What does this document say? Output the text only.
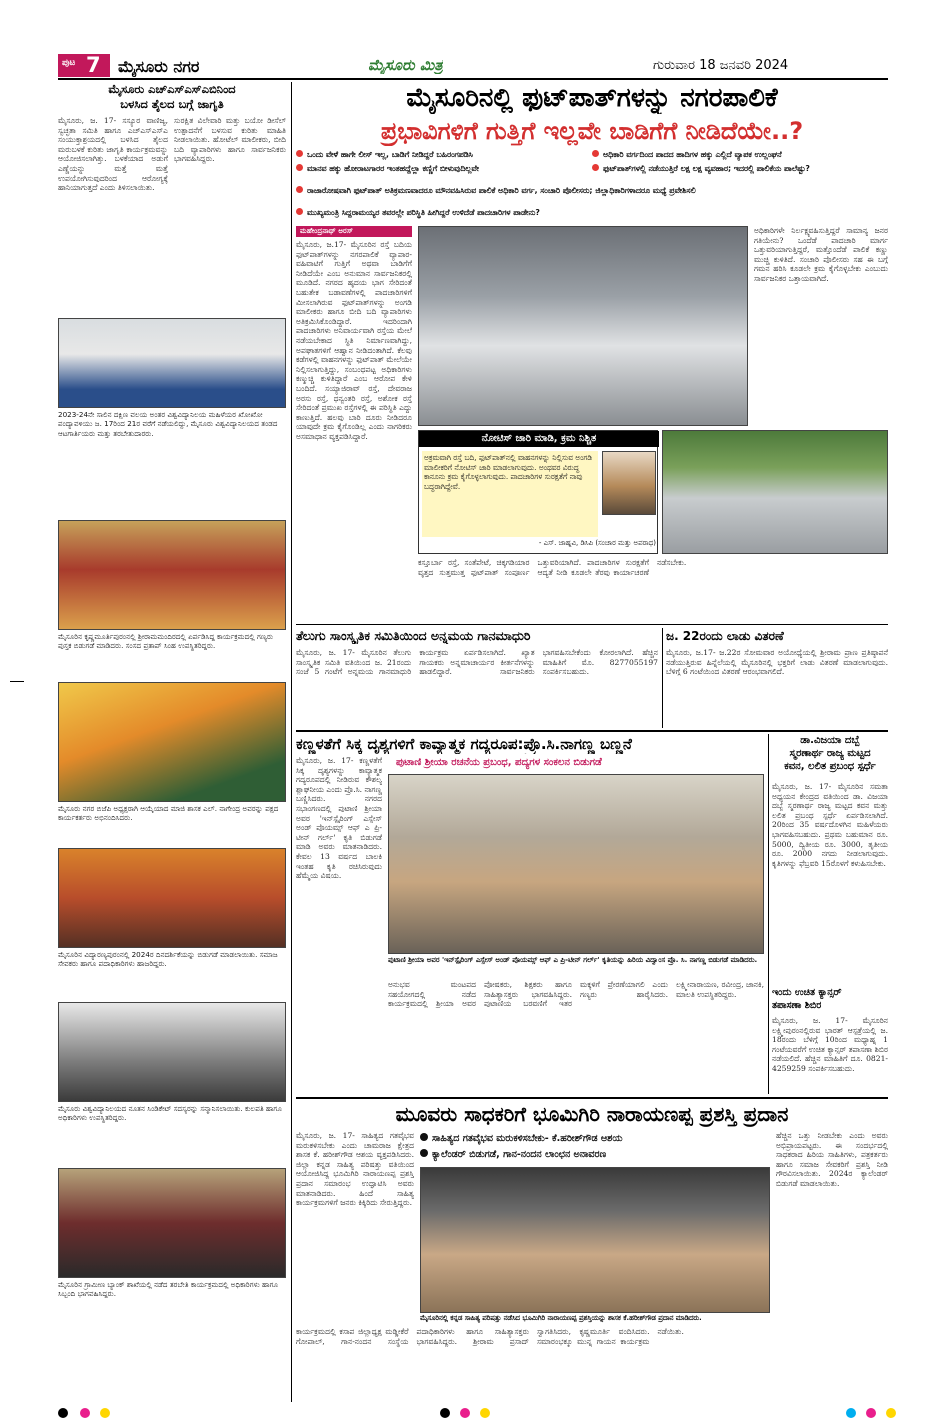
ಪುಟ 7 ಮೈಸೂರು ನಗರ	ಮೈಸೂರು ಮಿತ್ರ	ಗುರುವಾರ 18 ಜನವರಿ 2024
ಮೈಸೂರು ಎಚ್ಎಸ್ಎಸ್ಎಬಿನಿಂದ
ಬಳಸಿದ ತೈಲದ ಬಗ್ಗೆ ಜಾಗೃತಿ
ಮೈಸೂರು, ಜ. 17- ಸಸ್ಯೂರ ವಾಣಿಜ್ಯ, ಸ್ವಚ್ಛತಾ ಸಮಿತಿ ಹಾಗೂ ಎಚ್ಎಸ್ಎಸ್ಎ ಸಂಯುಕ್ತಾಶ್ರಯದಲ್ಲಿ ಬಳಸಿದ ತೈಲದ ಮರುಬಳಕೆ ಕುರಿತು ಜಾಗೃತಿ ಕಾರ್ಯಕ್ರಮವನ್ನು ಆಯೋಜಿಸಲಾಗಿತ್ತು. ಬಳಕೆಯಾದ ಅಡುಗೆ ಎಣ್ಣೆಯನ್ನು ಮತ್ತೆ ಮತ್ತೆ ಉಪಯೋಗಿಸುವುದರಿಂದ ಆರೋಗ್ಯಕ್ಕೆ ಹಾನಿಯಾಗುತ್ತದೆ ಎಂದು ತಿಳಿಸಲಾಯಿತು.
ಸುರಕ್ಷಿತ ವಿಲೇವಾರಿ ಮತ್ತು ಬಯೋ ಡೀಸೆಲ್ ಉತ್ಪಾದನೆಗೆ ಬಳಸುವ ಕುರಿತು ಮಾಹಿತಿ ನೀಡಲಾಯಿತು. ಹೋಟೆಲ್ ಮಾಲೀಕರು, ಬೀದಿ ಬದಿ ವ್ಯಾಪಾರಿಗಳು ಹಾಗೂ ಸಾರ್ವಜನಿಕರು ಭಾಗವಹಿಸಿದ್ದರು.
2023-24ನೇ ಸಾಲಿನ ದಕ್ಷಿಣ ವಲಯ ಅಂತರ ವಿಶ್ವವಿದ್ಯಾನಿಲಯ ಮಹಿಳೆಯರ ಖೋಖೋ ಪಂದ್ಯಾವಳಿಯು ಜ. 17ರಿಂದ 21ರ ವರೆಗೆ ನಡೆಯಲಿದ್ದು, ಮೈಸೂರು ವಿಶ್ವವಿದ್ಯಾನಿಲಯದ ತಂಡದ ಆಟಗಾರ್ತಿಯರು ಮತ್ತು ತರಬೇತುದಾರರು.
ಮೈಸೂರಿನ ಕೃಷ್ಣಮೂರ್ತಿಪುರಂನಲ್ಲಿ ಶ್ರೀರಾಮಮಂದಿರದಲ್ಲಿ ಏರ್ಪಡಿಸಿದ್ದ ಕಾರ್ಯಕ್ರಮದಲ್ಲಿ ಗಣ್ಯರು ಪುಸ್ತಕ ಬಿಡುಗಡೆ ಮಾಡಿದರು. ಸಂಸದ ಪ್ರತಾಪ್ ಸಿಂಹ ಉಪಸ್ಥಿತರಿದ್ದರು.
ಮೈಸೂರು ನಗರ ಬಿಜೆಪಿ ಅಧ್ಯಕ್ಷರಾಗಿ ಆಯ್ಕೆಯಾದ ಮಾಜಿ ಶಾಸಕ ಎಲ್. ನಾಗೇಂದ್ರ ಅವರನ್ನು ಪಕ್ಷದ ಕಾರ್ಯಕರ್ತರು ಅಭಿನಂದಿಸಿದರು.
ಮೈಸೂರಿನ ವಿದ್ಯಾರಣ್ಯಪುರಂನಲ್ಲಿ 2024ರ ದಿನದರ್ಶಿಕೆಯನ್ನು ಬಿಡುಗಡೆ ಮಾಡಲಾಯಿತು. ಸಮಾಜ ಸೇವಕರು ಹಾಗೂ ಪದಾಧಿಕಾರಿಗಳು ಹಾಜರಿದ್ದರು.
ಮೈಸೂರು ವಿಶ್ವವಿದ್ಯಾನಿಲಯದ ನೂತನ ಸಿಂಡಿಕೇಟ್ ಸದಸ್ಯರನ್ನು ಸನ್ಮಾನಿಸಲಾಯಿತು. ಕುಲಪತಿ ಹಾಗೂ ಅಧಿಕಾರಿಗಳು ಉಪಸ್ಥಿತರಿದ್ದರು.
ಮೈಸೂರಿನ ಗ್ರಾಮೀಣ ಬ್ಯಾಂಕ್ ಶಾಖೆಯಲ್ಲಿ ನಡೆದ ತರಬೇತಿ ಕಾರ್ಯಕ್ರಮದಲ್ಲಿ ಅಧಿಕಾರಿಗಳು ಹಾಗೂ ಸಿಬ್ಬಂದಿ ಭಾಗವಹಿಸಿದ್ದರು.
ಮೈಸೂರಿನಲ್ಲಿ ಫುಟ್‌ಪಾತ್‌ಗಳನ್ನು ನಗರಪಾಲಿಕೆ
ಪ್ರಭಾವಿಗಳಿಗೆ ಗುತ್ತಿಗೆ ಇಲ್ಲವೇ ಬಾಡಿಗೆಗೆ ನೀಡಿದೆಯೇ..?
ಒಂದು ವೇಳೆ ಹಾಗೇ ಲೀಸ್ ಇಲ್ಲ, ಬಾಡಿಗೆ ನೀಡಿದ್ದರೆ ಬಹಿರಂಗಪಡಿಸಿ	ಅಧಿಕಾರಿ ವರ್ಗದಿಂದ ಪಾದದ ಹಾದಿಗಳ ಹಕ್ಕು ಎಲ್ಲಿದೆ ವ್ಯಾಪಕ ಉಲ್ಲಂಘನೆ
ಮಾನವ ಹಕ್ಕು ಹೋರಾಟಗಾರರ ಇಂತಹದ್ದೆಲ್ಲಾ ಕಣ್ಣಿಗೆ ಬೀಳುವುದಿಲ್ಲವೇ	ಫುಟ್‌ಪಾತ್‌ಗಳಲ್ಲಿ ನಡೆಯುತ್ತಿರೆ ಲಕ್ಷ ಲಕ್ಷ ವ್ಯವಹಾರ; ಇದರಲ್ಲಿ ಪಾಲಿಕೆಯ ಪಾಲೆಷ್ಟು?
ರಾಜಾರೋಷವಾಗಿ ಫುಟ್‌ಪಾತ್ ಅತಿಕ್ರಮಣವಾದರೂ ಮೌನವಹಿಸಿರುವ ಪಾಲಿಕೆ ಅಧಿಕಾರಿ ವರ್ಗ, ಸಂಚಾರಿ ಪೊಲೀಸರು; ಜಿಲ್ಲಾಧಿಕಾರಿಗಳಾದರೂ ಮಧ್ಯೆ ಪ್ರವೇಶಿಸಲಿ
ಮುಖ್ಯಮಂತ್ರಿ ಸಿದ್ದರಾಮಯ್ಯರ ತವರಲ್ಲೇ ಪರಿಸ್ಥಿತಿ ಹೀಗಿದ್ದರೆ ಉಳಿದೆಡೆ ಪಾದಚಾರಿಗಳ ಪಾಡೇನು?
ಮಹೇಂದ್ರನಾಥ್ ಅರಸ್
ಮೈಸೂರು, ಜ.17- ಮೈಸೂರಿನ ರಸ್ತೆ ಬದಿಯ ಫುಟ್‌ಪಾತ್‌ಗಳನ್ನು ನಗರಪಾಲಿಕೆ ವ್ಯಾಪಾರ-ವಹಿವಾಟಿಗೆ ಗುತ್ತಿಗೆ ಅಥವಾ ಬಾಡಿಗೆಗೆ ನೀಡಿದೆಯೇ ಎಂಬ ಅನುಮಾನ ಸಾರ್ವಜನಿಕರಲ್ಲಿ ಮೂಡಿದೆ. ನಗರದ ಹೃದಯ ಭಾಗ ಸೇರಿದಂತೆ ಬಹುತೇಕ ಬಡಾವಣೆಗಳಲ್ಲಿ ಪಾದಚಾರಿಗಳಿಗೆ ಮೀಸಲಾಗಿರುವ ಫುಟ್‌ಪಾತ್‌ಗಳನ್ನು ಅಂಗಡಿ ಮಾಲೀಕರು ಹಾಗೂ ಬೀದಿ ಬದಿ ವ್ಯಾಪಾರಿಗಳು ಅತಿಕ್ರಮಿಸಿಕೊಂಡಿದ್ದಾರೆ. ಇದರಿಂದಾಗಿ ಪಾದಚಾರಿಗಳು ಅನಿವಾರ್ಯವಾಗಿ ರಸ್ತೆಯ ಮೇಲೆ ನಡೆಯಬೇಕಾದ ಸ್ಥಿತಿ ನಿರ್ಮಾಣವಾಗಿದ್ದು, ಅಪಘಾತಗಳಿಗೆ ಆಹ್ವಾನ ನೀಡಿದಂತಾಗಿದೆ. ಕೆಲವು ಕಡೆಗಳಲ್ಲಿ ವಾಹನಗಳನ್ನು ಫುಟ್‌ಪಾತ್ ಮೇಲೆಯೇ ನಿಲ್ಲಿಸಲಾಗುತ್ತಿದ್ದು, ಸಂಬಂಧಪಟ್ಟ ಅಧಿಕಾರಿಗಳು ಕಣ್ಮುಚ್ಚಿ ಕುಳಿತಿದ್ದಾರೆ ಎಂಬ ಆರೋಪ ಕೇಳಿ ಬಂದಿದೆ. ಸಯ್ಯಾಜಿರಾವ್ ರಸ್ತೆ, ದೇವರಾಜ ಅರಸು ರಸ್ತೆ, ಧನ್ವಂತರಿ ರಸ್ತೆ, ಅಶೋಕ ರಸ್ತೆ ಸೇರಿದಂತೆ ಪ್ರಮುಖ ರಸ್ತೆಗಳಲ್ಲಿ ಈ ಪರಿಸ್ಥಿತಿ ಎದ್ದು ಕಾಣುತ್ತಿದೆ. ಹಲವು ಬಾರಿ ದೂರು ನೀಡಿದರೂ ಯಾವುದೇ ಕ್ರಮ ಕೈಗೊಂಡಿಲ್ಲ ಎಂದು ನಾಗರಿಕರು ಅಸಮಾಧಾನ ವ್ಯಕ್ತಪಡಿಸಿದ್ದಾರೆ.
ಅಧಿಕಾರಿಗಳೇ ನಿರ್ಲಕ್ಷ್ಯವಹಿಸುತ್ತಿದ್ದರೆ ಸಾಮಾನ್ಯ ಜನರ ಗತಿಯೇನು? ಒಂದೆಡೆ ಪಾದಚಾರಿ ಮಾರ್ಗ ಒತ್ತುವರಿಯಾಗುತ್ತಿದ್ದರೆ, ಮತ್ತೊಂದೆಡೆ ಪಾಲಿಕೆ ಕಣ್ಣು ಮುಚ್ಚಿ ಕುಳಿತಿದೆ. ಸಂಚಾರಿ ಪೊಲೀಸರು ಸಹ ಈ ಬಗ್ಗೆ ಗಮನ ಹರಿಸಿ ಕೂಡಲೇ ಕ್ರಮ ಕೈಗೊಳ್ಳಬೇಕು ಎಂಬುದು ಸಾರ್ವಜನಿಕರ ಒತ್ತಾಯವಾಗಿದೆ.
ನೋಟಿಸ್ ಜಾರಿ ಮಾಡಿ, ಕ್ರಮ ನಿಶ್ಚಿತ
ಅಕ್ರಮವಾಗಿ ರಸ್ತೆ ಬದಿ, ಫುಟ್‌ಪಾತ್‌ನಲ್ಲಿ ವಾಹನಗಳನ್ನು ನಿಲ್ಲಿಸುವ ಅಂಗಡಿ ಮಾಲೀಕರಿಗೆ ನೋಟಿಸ್ ಜಾರಿ ಮಾಡಲಾಗುವುದು. ಅಂಥವರ ವಿರುದ್ಧ ಕಾನೂನು ಕ್ರಮ ಕೈಗೊಳ್ಳಲಾಗುವುದು. ಪಾದಚಾರಿಗಳ ಸುರಕ್ಷತೆಗೆ ನಾವು ಬದ್ಧರಾಗಿದ್ದೇವೆ.
- ಎಸ್. ಜಾಹ್ನವಿ, ಡಿಸಿಪಿ (ಸಂಚಾರ ಮತ್ತು ಅಪರಾಧ)
ಕಸ್ತೂರ್ಬಾ ರಸ್ತೆ, ಸಂತೆಪೇಟೆ, ಚಿಕ್ಕಗಡಿಯಾರ ವೃತ್ತದ ಸುತ್ತಮುತ್ತ ಫುಟ್‌ಪಾತ್ ಸಂಪೂರ್ಣ ಒತ್ತುವರಿಯಾಗಿದೆ. ಪಾದಚಾರಿಗಳ ಸುರಕ್ಷತೆಗೆ ಆದ್ಯತೆ ನೀಡಿ ಕೂಡಲೇ ತೆರವು ಕಾರ್ಯಾಚರಣೆ ನಡೆಸಬೇಕು.
ತೆಲುಗು ಸಾಂಸ್ಕೃತಿಕ ಸಮಿತಿಯಿಂದ ಅನ್ನಮಯ ಗಾನಮಾಧುರಿ
ಮೈಸೂರು, ಜ. 17- ಮೈಸೂರಿನ ತೆಲುಗು ಸಾಂಸ್ಕೃತಿಕ ಸಮಿತಿ ವತಿಯಿಂದ ಜ. 21ರಂದು ಸಂಜೆ 5 ಗಂಟೆಗೆ ಅನ್ನಮಯ ಗಾನಮಾಧುರಿ ಕಾರ್ಯಕ್ರಮ ಏರ್ಪಡಿಸಲಾಗಿದೆ. ಖ್ಯಾತ ಗಾಯಕರು ಅನ್ನಮಾಚಾರ್ಯರ ಕೀರ್ತನೆಗಳನ್ನು ಹಾಡಲಿದ್ದಾರೆ. ಸಾರ್ವಜನಿಕರು ಭಾಗವಹಿಸಬೇಕೆಂದು ಕೋರಲಾಗಿದೆ. ಹೆಚ್ಚಿನ ಮಾಹಿತಿಗೆ ಮೊ. 8277055197 ಸಂಪರ್ಕಿಸಬಹುದು.
ಜ. 22ರಂದು ಲಾಡು ವಿತರಣೆ
ಮೈಸೂರು, ಜ.17- ಜ.22ರ ಸೋಮವಾರ ಅಯೋಧ್ಯೆಯಲ್ಲಿ ಶ್ರೀರಾಮ ಪ್ರಾಣ ಪ್ರತಿಷ್ಠಾಪನೆ ನಡೆಯುತ್ತಿರುವ ಹಿನ್ನೆಲೆಯಲ್ಲಿ ಮೈಸೂರಿನಲ್ಲಿ ಭಕ್ತರಿಗೆ ಲಾಡು ವಿತರಣೆ ಮಾಡಲಾಗುವುದು. ಬೆಳಿಗ್ಗೆ 6 ಗಂಟೆಯಿಂದ ವಿತರಣೆ ಆರಂಭವಾಗಲಿದೆ.
ಕಣ್ಣಳತೆಗೆ ಸಿಕ್ಕ ದೃಶ್ಯಗಳಿಗೆ ಕಾವ್ಯಾತ್ಮಕ ಗದ್ಯರೂಪ:ಪ್ರೊ.ಸಿ.ನಾಗಣ್ಣ ಬಣ್ಣನೆ
ಪುಟಾಣಿ ಶ್ರೀಯಾ ರಚನೆಯ ಪ್ರಬಂಧ, ಪದ್ಯಗಳ ಸಂಕಲನ ಬಿಡುಗಡೆ
ಮೈಸೂರು, ಜ. 17- ಕಣ್ಣಳತೆಗೆ ಸಿಕ್ಕ ದೃಶ್ಯಗಳನ್ನು ಕಾವ್ಯಾತ್ಮಕ ಗದ್ಯರೂಪದಲ್ಲಿ ನೀಡಿರುವ ಕೌಶಲ್ಯ ಶ್ಲಾಘನೀಯ ಎಂದು ಪ್ರೊ.ಸಿ. ನಾಗಣ್ಣ ಬಣ್ಣಿಸಿದರು. ನಗರದ ಸಭಾಂಗಣದಲ್ಲಿ ಪುಟಾಣಿ ಶ್ರೀಯಾ ಅವರ 'ಇನ್‌ಸ್ಪೈರಿಂಗ್ ಎಸ್ಸೇಸ್ ಅಂಡ್ ಪೊಯಮ್ಸ್ ಆಫ್ ಎ ಪ್ರಿ-ಟೀನ್ ಗರ್ಲ್' ಕೃತಿ ಬಿಡುಗಡೆ ಮಾಡಿ ಅವರು ಮಾತನಾಡಿದರು. ಕೇವಲ 13 ವರ್ಷದ ಬಾಲಕಿ ಇಂತಹ ಕೃತಿ ರಚಿಸಿರುವುದು ಹೆಮ್ಮೆಯ ವಿಷಯ.
ಪುಟಾಣಿ ಶ್ರೀಯಾ ಅವರ 'ಇನ್‌ಸ್ಪೈರಿಂಗ್ ಎಸ್ಸೇಸ್ ಅಂಡ್ ಪೊಯಮ್ಸ್ ಆಫ್ ಎ ಪ್ರಿ-ಟೀನ್ ಗರ್ಲ್' ಕೃತಿಯನ್ನು ಹಿರಿಯ ವಿದ್ವಾಂಸ ಪ್ರೊ. ಸಿ. ನಾಗಣ್ಣ ಬಿಡುಗಡೆ ಮಾಡಿದರು.
ಅನುಭವ ಮಂಟಪದ ಸಹಯೋಗದಲ್ಲಿ ನಡೆದ ಕಾರ್ಯಕ್ರಮದಲ್ಲಿ ಶ್ರೀಯಾ ಅವರ ಪೋಷಕರು, ಶಿಕ್ಷಕರು ಹಾಗೂ ಸಾಹಿತ್ಯಾಸಕ್ತರು ಭಾಗವಹಿಸಿದ್ದರು. ಪುಟಾಣಿಯ ಬರವಣಿಗೆ ಇತರ ಮಕ್ಕಳಿಗೆ ಪ್ರೇರಣೆಯಾಗಲಿ ಎಂದು ಗಣ್ಯರು ಹಾರೈಸಿದರು. ಲಕ್ಷ್ಮೀನಾರಾಯಣ, ರವೀಂದ್ರ, ಜಾನಕಿ, ಮಾಲತಿ ಉಪಸ್ಥಿತರಿದ್ದರು.
ಡಾ.ವಿಜಯಾ ದಬ್ಬೆ
ಸ್ಮರಣಾರ್ಥ ರಾಜ್ಯ ಮಟ್ಟದ
ಕವನ, ಲಲಿತ ಪ್ರಬಂಧ ಸ್ಪರ್ಧೆ
ಮೈಸೂರು, ಜ. 17- ಮೈಸೂರಿನ ಸಮತಾ ಅಧ್ಯಯನ ಕೇಂದ್ರದ ವತಿಯಿಂದ ಡಾ. ವಿಜಯಾ ದಬ್ಬೆ ಸ್ಮರಣಾರ್ಥ ರಾಜ್ಯ ಮಟ್ಟದ ಕವನ ಮತ್ತು ಲಲಿತ ಪ್ರಬಂಧ ಸ್ಪರ್ಧೆ ಏರ್ಪಡಿಸಲಾಗಿದೆ. 20ರಿಂದ 35 ವರ್ಷದೊಳಗಿನ ಮಹಿಳೆಯರು ಭಾಗವಹಿಸಬಹುದು. ಪ್ರಥಮ ಬಹುಮಾನ ರೂ. 5000, ದ್ವಿತೀಯ ರೂ. 3000, ತೃತೀಯ ರೂ. 2000 ನಗದು ನೀಡಲಾಗುವುದು. ಕೃತಿಗಳನ್ನು ಫೆಬ್ರವರಿ 15ರೊಳಗೆ ಕಳುಹಿಸಬೇಕು.
ಇಂದು ಉಚಿತ ಕ್ಯಾನ್ಸರ್
ತಪಾಸಣಾ ಶಿಬಿರ
ಮೈಸೂರು, ಜ. 17- ಮೈಸೂರಿನ ಲಕ್ಷ್ಮೀಪುರಂನಲ್ಲಿರುವ ಭಾರತ್ ಆಸ್ಪತ್ರೆಯಲ್ಲಿ ಜ. 18ರಂದು ಬೆಳಿಗ್ಗೆ 10ರಿಂದ ಮಧ್ಯಾಹ್ನ 1 ಗಂಟೆಯವರೆಗೆ ಉಚಿತ ಕ್ಯಾನ್ಸರ್ ತಪಾಸಣಾ ಶಿಬಿರ ನಡೆಯಲಿದೆ. ಹೆಚ್ಚಿನ ಮಾಹಿತಿಗೆ ದೂ. 0821-4259259 ಸಂಪರ್ಕಿಸಬಹುದು.
ಮೂವರು ಸಾಧಕರಿಗೆ ಭೂಮಿಗಿರಿ ನಾರಾಯಣಪ್ಪ ಪ್ರಶಸ್ತಿ ಪ್ರದಾನ
ಮೈಸೂರು, ಜ. 17- ಸಾಹಿತ್ಯದ ಗತವೈಭವ ಮರುಕಳಿಸಬೇಕು ಎಂದು ಚಾಮರಾಜ ಕ್ಷೇತ್ರದ ಶಾಸಕ ಕೆ. ಹರೀಶ್‌ಗೌಡ ಆಶಯ ವ್ಯಕ್ತಪಡಿಸಿದರು. ಜಿಲ್ಲಾ ಕನ್ನಡ ಸಾಹಿತ್ಯ ಪರಿಷತ್ತು ವತಿಯಿಂದ ಆಯೋಜಿಸಿದ್ದ ಭೂಮಿಗಿರಿ ನಾರಾಯಣಪ್ಪ ಪ್ರಶಸ್ತಿ ಪ್ರದಾನ ಸಮಾರಂಭ ಉದ್ಘಾಟಿಸಿ ಅವರು ಮಾತನಾಡಿದರು. ಹಿಂದೆ ಸಾಹಿತ್ಯ ಕಾರ್ಯಕ್ರಮಗಳಿಗೆ ಜನರು ಕಿಕ್ಕಿರಿದು ಸೇರುತ್ತಿದ್ದರು.
ಸಾಹಿತ್ಯದ ಗತವೈಭವ ಮರುಕಳಿಸಬೇಕು- ಕೆ.ಹರೀಶ್‌ಗೌಡ ಆಶಯ
ಕ್ಯಾಲೆಂಡರ್ ಬಿಡುಗಡೆ, ಗಾನ-ನಂದನ ಲಾಂಛನ ಅನಾವರಣ
ಮೈಸೂರಿನಲ್ಲಿ ಕನ್ನಡ ಸಾಹಿತ್ಯ ಪರಿಷತ್ತು ನಡೆಸಿದ ಭೂಮಿಗಿರಿ ನಾರಾಯಣಪ್ಪ ಪ್ರಶಸ್ತಿಯನ್ನು ಶಾಸಕ ಕೆ.ಹರೀಶ್‌ಗೌಡ ಪ್ರದಾನ ಮಾಡಿದರು.
ಹೆಚ್ಚಿನ ಒತ್ತು ನೀಡಬೇಕು ಎಂದು ಅವರು ಅಭಿಪ್ರಾಯಪಟ್ಟರು. ಈ ಸಂದರ್ಭದಲ್ಲಿ ಸಾಧಕರಾದ ಹಿರಿಯ ಸಾಹಿತಿಗಳು, ಪತ್ರಕರ್ತರು ಹಾಗೂ ಸಮಾಜ ಸೇವಕರಿಗೆ ಪ್ರಶಸ್ತಿ ನೀಡಿ ಗೌರವಿಸಲಾಯಿತು. 2024ರ ಕ್ಯಾಲೆಂಡರ್ ಬಿಡುಗಡೆ ಮಾಡಲಾಯಿತು.
ಕಾರ್ಯಕ್ರಮದಲ್ಲಿ ಕಸಾಪ ಜಿಲ್ಲಾಧ್ಯಕ್ಷ ಮಡ್ಡೀಕೆರೆ ಗೋಪಾಲ್, ಗಾನ-ನಂದನ ಸಂಸ್ಥೆಯ ಪದಾಧಿಕಾರಿಗಳು ಹಾಗೂ ಸಾಹಿತ್ಯಾಸಕ್ತರು ಭಾಗವಹಿಸಿದ್ದರು. ಶ್ರೀರಾಮ ಪ್ರಸಾದ್ ಸ್ವಾಗತಿಸಿದರು, ಕೃಷ್ಣಮೂರ್ತಿ ವಂದಿಸಿದರು. ಸಮಾರಂಭಕ್ಕೂ ಮುನ್ನ ಗಾಯನ ಕಾರ್ಯಕ್ರಮ ನಡೆಯಿತು.
